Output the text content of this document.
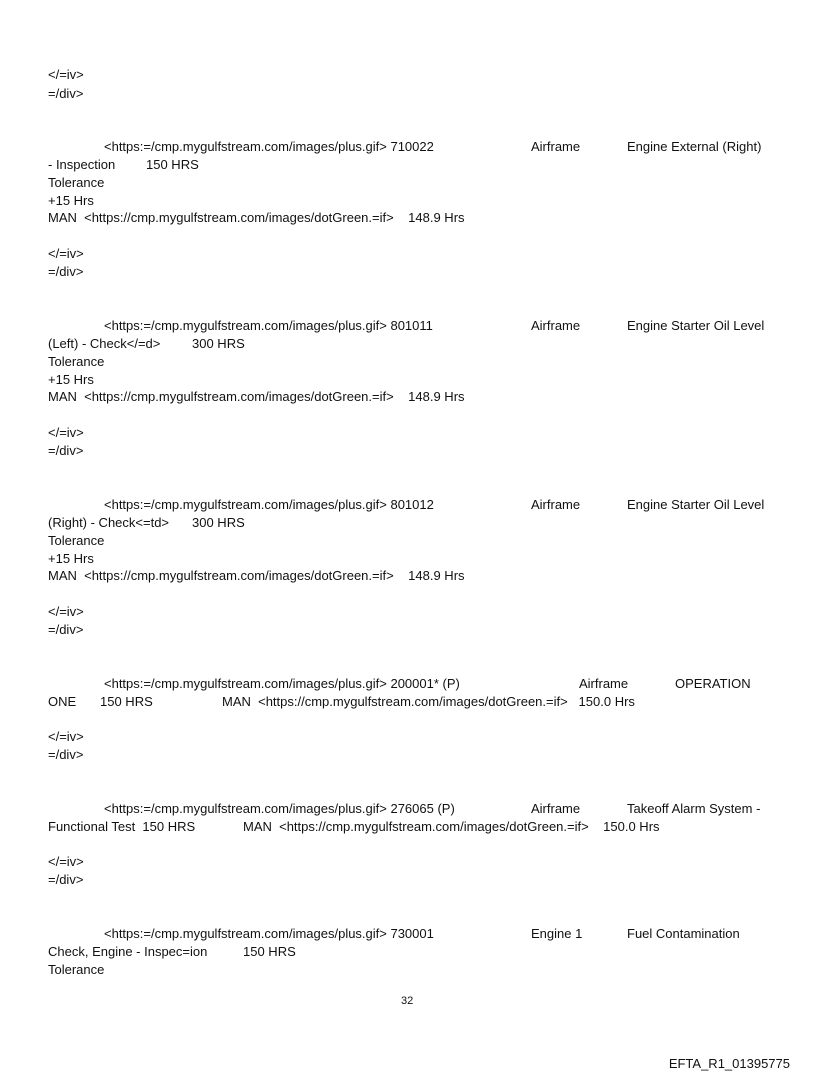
</=iv>
=/div>
<https:=/cmp.mygulfstream.com/images/plus.gif> 710022	Airframe	Engine External (Right)
- Inspection 150 HRS
Tolerance
+15 Hrs
MAN  <https://cmp.mygulfstream.com/images/dotGreen.=if>    148.9 Hrs
</=iv>
=/div>
<https:=/cmp.mygulfstream.com/images/plus.gif> 801011	Airframe	Engine Starter Oil Level
(Left) - Check</=d> 300 HRS
Tolerance
+15 Hrs
MAN  <https://cmp.mygulfstream.com/images/dotGreen.=if>    148.9 Hrs
</=iv>
=/div>
<https:=/cmp.mygulfstream.com/images/plus.gif> 801012	Airframe	Engine Starter Oil Level
(Right) - Check<=td> 300 HRS
Tolerance
+15 Hrs
MAN  <https://cmp.mygulfstream.com/images/dotGreen.=if>    148.9 Hrs
</=iv>
=/div>
<https:=/cmp.mygulfstream.com/images/plus.gif> 200001* (P)	Airframe	OPERATION
ONE 150 HRS	MAN  <https://cmp.mygulfstream.com/images/dotGreen.=if>   150.0 Hrs
</=iv>
=/div>
<https:=/cmp.mygulfstream.com/images/plus.gif> 276065 (P)	Airframe	Takeoff Alarm System -
Functional Test  150 HRS	MAN  <https://cmp.mygulfstream.com/images/dotGreen.=if>    150.0 Hrs
</=iv>
=/div>
<https:=/cmp.mygulfstream.com/images/plus.gif> 730001	Engine 1	Fuel Contamination
Check, Engine - Inspec=ion	150 HRS
Tolerance
32
EFTA_R1_01395775
